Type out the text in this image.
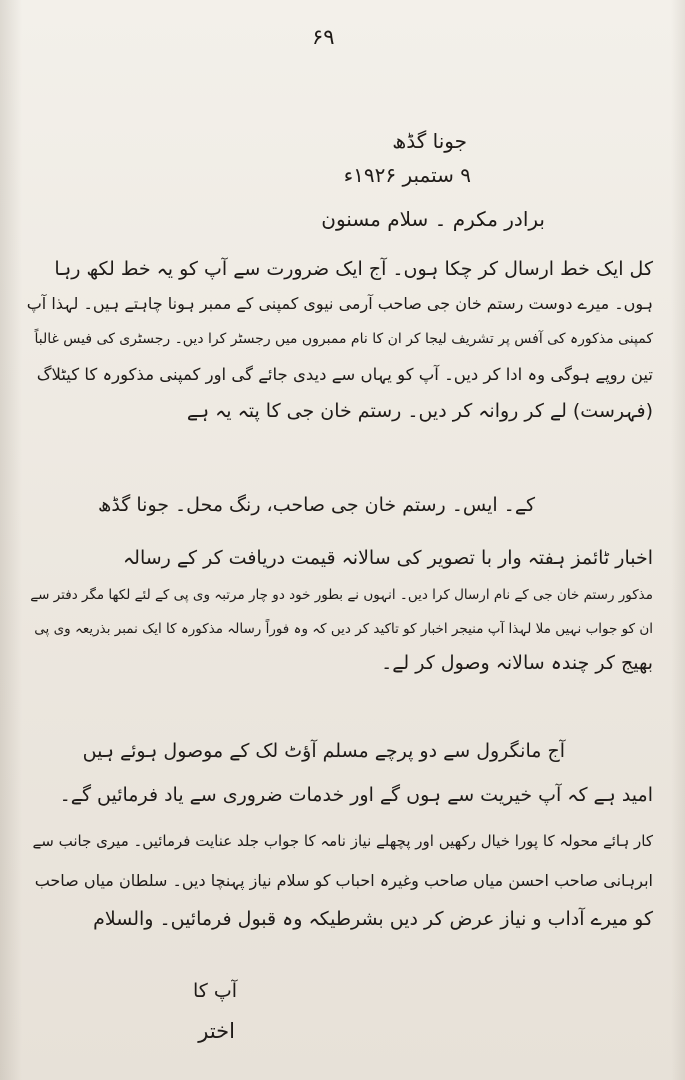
۶۹
جونا گڈھ
۹ ستمبر ۱۹۲۶ء
برادر مکرم ۔ سلام مسنون
کل ایک خط ارسال کر چکا ہوں۔ آج ایک ضرورت سے آپ کو یہ خط لکھ رہا
ہوں۔ میرے دوست رستم خان جی صاحب آرمی نیوی کمپنی کے ممبر ہونا چاہتے ہیں۔ لہذا آپ
کمپنی مذکورہ کی آفس پر تشریف لیجا کر ان کا نام ممبروں میں رجسٹر کرا دیں۔ رجسٹری کی فیس غالباً
تین روپے ہوگی وہ ادا کر دیں۔ آپ کو یہاں سے دیدی جائے گی اور کمپنی مذکورہ کا کیٹلاگ
(فہرست) لے کر روانہ کر دیں۔ رستم خان جی کا پتہ یہ ہے
کے۔ ایس۔ رستم خان جی صاحب، رنگ محل۔ جونا گڈھ
اخبار ٹائمز ہفتہ وار با تصویر کی سالانہ قیمت دریافت کر کے رسالہ
مذکور رستم خان جی کے نام ارسال کرا دیں۔ انہوں نے بطور خود دو چار مرتبہ وی پی کے لئے لکھا مگر دفتر سے
ان کو جواب نہیں ملا لہذا آپ منیجر اخبار کو تاکید کر دیں کہ وہ فوراً رسالہ مذکورہ کا ایک نمبر بذریعہ وی پی
بھیج کر چندہ سالانہ وصول کر لے۔
آج مانگرول سے دو پرچے مسلم آؤٹ لک کے موصول ہوئے ہیں
امید ہے کہ آپ خیریت سے ہوں گے اور خدمات ضروری سے یاد فرمائیں گے۔
کار ہائے محولہ کا پورا خیال رکھیں اور پچھلے نیاز نامہ کا جواب جلد عنایت فرمائیں۔ میری جانب سے
ابرہانی صاحب احسن میاں صاحب وغیرہ احباب کو سلام نیاز پہنچا دیں۔ سلطان میاں صاحب
کو میرے آداب و نیاز عرض کر دیں بشرطیکہ وہ قبول فرمائیں۔ والسلام
آپ کا
اختر
